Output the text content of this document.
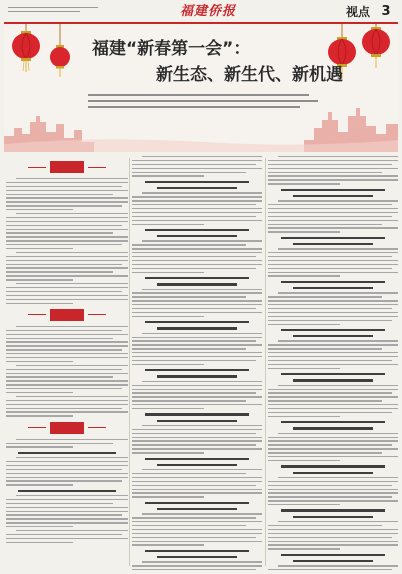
福建侨报	视点 3
福建“新春第一会”：
新生态、新生代、新机遇
